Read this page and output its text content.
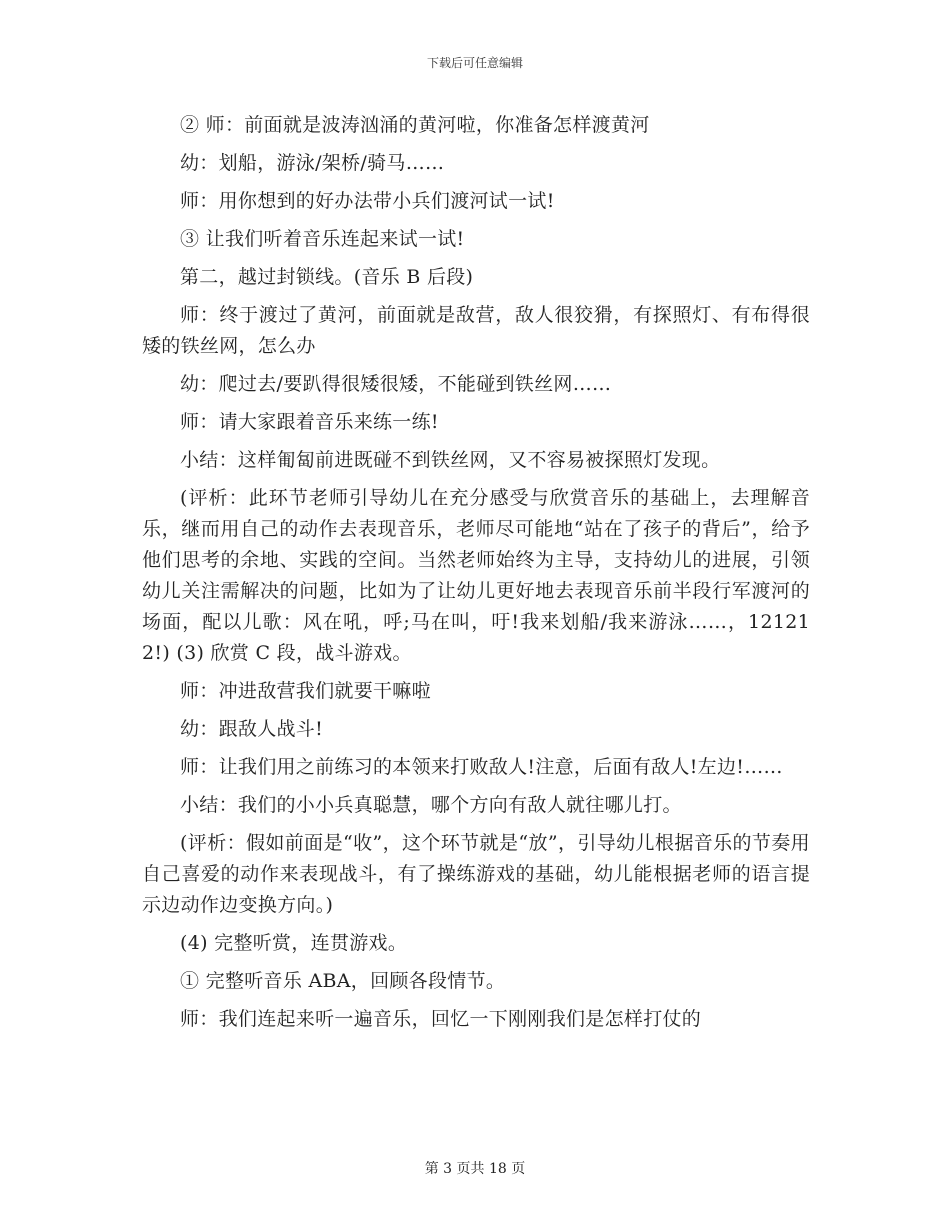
下载后可任意编辑

② 师：前面就是波涛汹涌的黄河啦，你准备怎样渡黄河

幼：划船，游泳/架桥/骑马……

师：用你想到的好办法带小兵们渡河试一试!

③ 让我们听着音乐连起来试一试!

第二，越过封锁线。(音乐 B 后段)

师：终于渡过了黄河，前面就是敌营，敌人很狡猾，有探照灯、有布得很矮的铁丝网，怎么办

幼：爬过去/要趴得很矮很矮，不能碰到铁丝网……

师：请大家跟着音乐来练一练!

小结：这样匍匐前进既碰不到铁丝网，又不容易被探照灯发现。

(评析：此环节老师引导幼儿在充分感受与欣赏音乐的基础上，去理解音乐，继而用自己的动作去表现音乐，老师尽可能地“站在了孩子的背后”，给予他们思考的余地、实践的空间。当然老师始终为主导，支持幼儿的进展，引领幼儿关注需解决的问题，比如为了让幼儿更好地去表现音乐前半段行军渡河的场面，配以儿歌：风在吼，呼;马在叫，吁!我来划船/我来游泳……，121212!) (3) 欣赏 C 段，战斗游戏。

师：冲进敌营我们就要干嘛啦

幼：跟敌人战斗!

师：让我们用之前练习的本领来打败敌人!注意，后面有敌人!左边!……

小结：我们的小小兵真聪慧，哪个方向有敌人就往哪儿打。

(评析：假如前面是“收”，这个环节就是“放”，引导幼儿根据音乐的节奏用自己喜爱的动作来表现战斗，有了操练游戏的基础，幼儿能根据老师的语言提示边动作边变换方向。)

(4) 完整听赏，连贯游戏。

① 完整听音乐 ABA，回顾各段情节。

师：我们连起来听一遍音乐，回忆一下刚刚我们是怎样打仗的

第 3 页共 18 页
